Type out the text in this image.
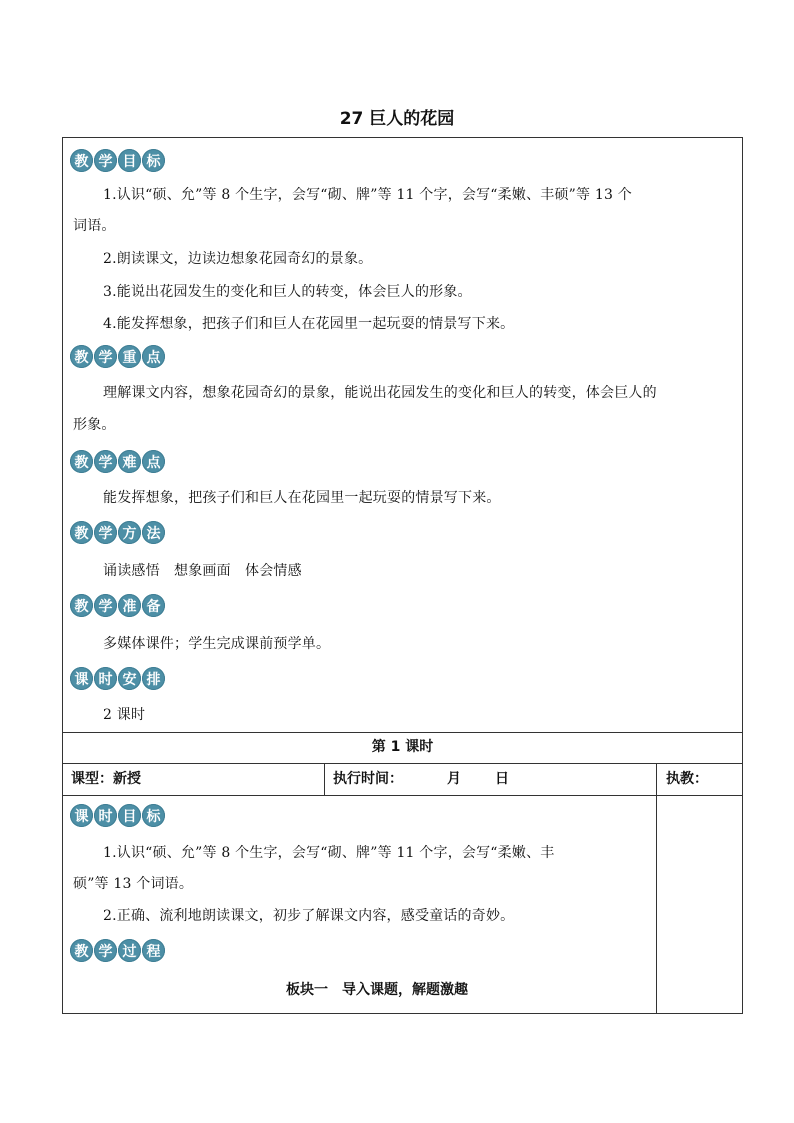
27 巨人的花园
教 学 目 标
1.认识“硕、允”等 8 个生字，会写“砌、牌”等 11 个字，会写“柔嫩、丰硕”等 13 个
词语。
2.朗读课文，边读边想象花园奇幻的景象。
3.能说出花园发生的变化和巨人的转变，体会巨人的形象。
4.能发挥想象，把孩子们和巨人在花园里一起玩耍的情景写下来。
教 学 重 点
理解课文内容，想象花园奇幻的景象，能说出花园发生的变化和巨人的转变，体会巨人的
形象。
教 学 难 点
能发挥想象，把孩子们和巨人在花园里一起玩耍的情景写下来。
教 学 方 法
诵读感悟　想象画面　体会情感
教 学 准 备
多媒体课件；学生完成课前预学单。
课 时 安 排
2 课时
第 1 课时
课型：新授	执行时间：	月 日	执教：
课 时 目 标
1.认识“硕、允”等 8 个生字，会写“砌、牌”等 11 个字，会写“柔嫩、丰
硕”等 13 个词语。
2.正确、流利地朗读课文，初步了解课文内容，感受童话的奇妙。
教 学 过 程
板块一　导入课题，解题激趣
